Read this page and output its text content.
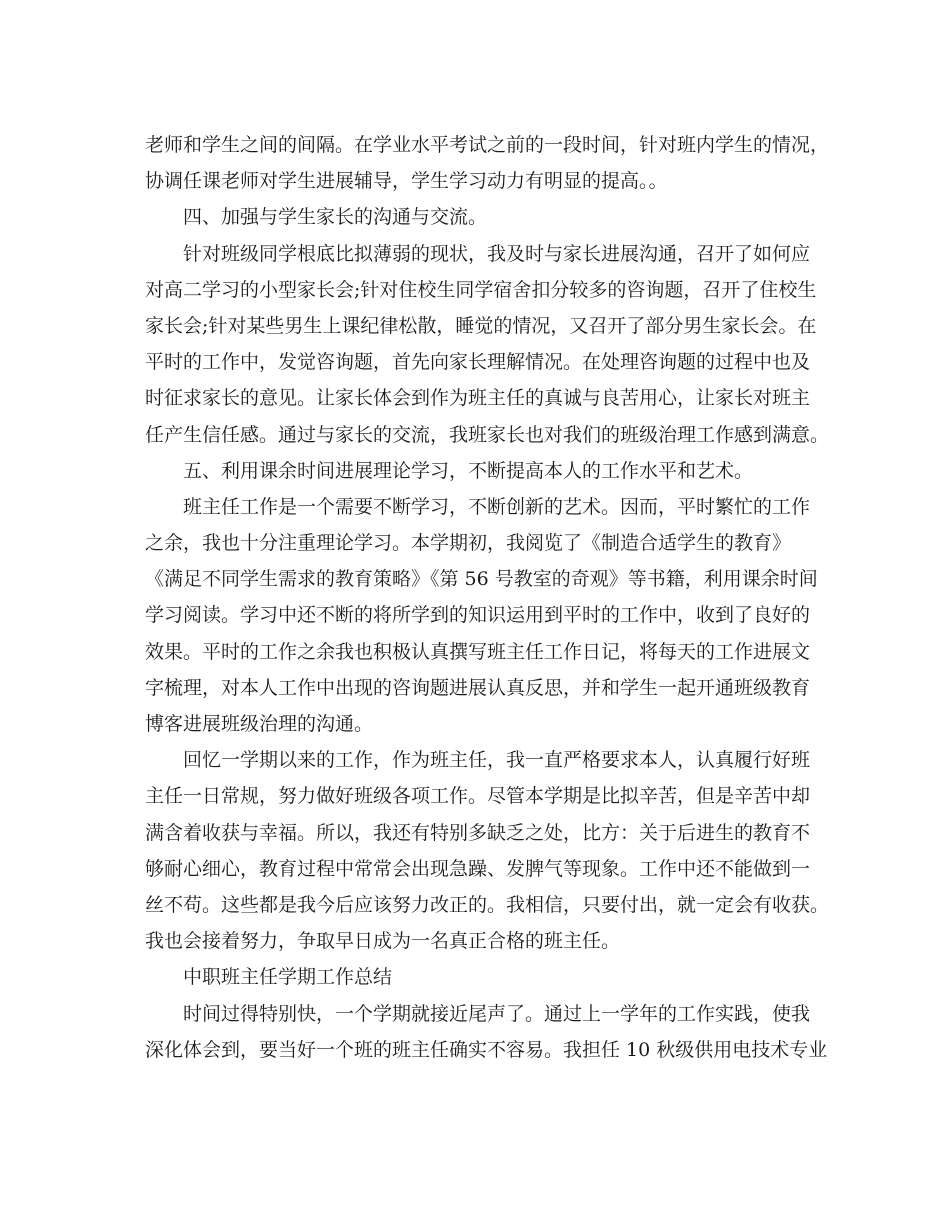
老师和学生之间的间隔。在学业水平考试之前的一段时间，针对班内学生的情况，
协调任课老师对学生进展辅导，学生学习动力有明显的提高。。
四、加强与学生家长的沟通与交流。
针对班级同学根底比拟薄弱的现状，我及时与家长进展沟通，召开了如何应
对高二学习的小型家长会;针对住校生同学宿舍扣分较多的咨询题，召开了住校生
家长会;针对某些男生上课纪律松散，睡觉的情况，又召开了部分男生家长会。在
平时的工作中，发觉咨询题，首先向家长理解情况。在处理咨询题的过程中也及
时征求家长的意见。让家长体会到作为班主任的真诚与良苦用心，让家长对班主
任产生信任感。通过与家长的交流，我班家长也对我们的班级治理工作感到满意。
五、利用课余时间进展理论学习，不断提高本人的工作水平和艺术。
班主任工作是一个需要不断学习，不断创新的艺术。因而，平时繁忙的工作
之余，我也十分注重理论学习。本学期初，我阅览了《制造合适学生的教育》
《满足不同学生需求的教育策略》《第 56 号教室的奇观》等书籍，利用课余时间
学习阅读。学习中还不断的将所学到的知识运用到平时的工作中，收到了良好的
效果。平时的工作之余我也积极认真撰写班主任工作日记，将每天的工作进展文
字梳理，对本人工作中出现的咨询题进展认真反思，并和学生一起开通班级教育
博客进展班级治理的沟通。
回忆一学期以来的工作，作为班主任，我一直严格要求本人，认真履行好班
主任一日常规，努力做好班级各项工作。尽管本学期是比拟辛苦，但是辛苦中却
满含着收获与幸福。所以，我还有特别多缺乏之处，比方：关于后进生的教育不
够耐心细心，教育过程中常常会出现急躁、发脾气等现象。工作中还不能做到一
丝不苟。这些都是我今后应该努力改正的。我相信，只要付出，就一定会有收获。
我也会接着努力，争取早日成为一名真正合格的班主任。
中职班主任学期工作总结
时间过得特别快，一个学期就接近尾声了。通过上一学年的工作实践，使我
深化体会到，要当好一个班的班主任确实不容易。我担任 10 秋级供用电技术专业
